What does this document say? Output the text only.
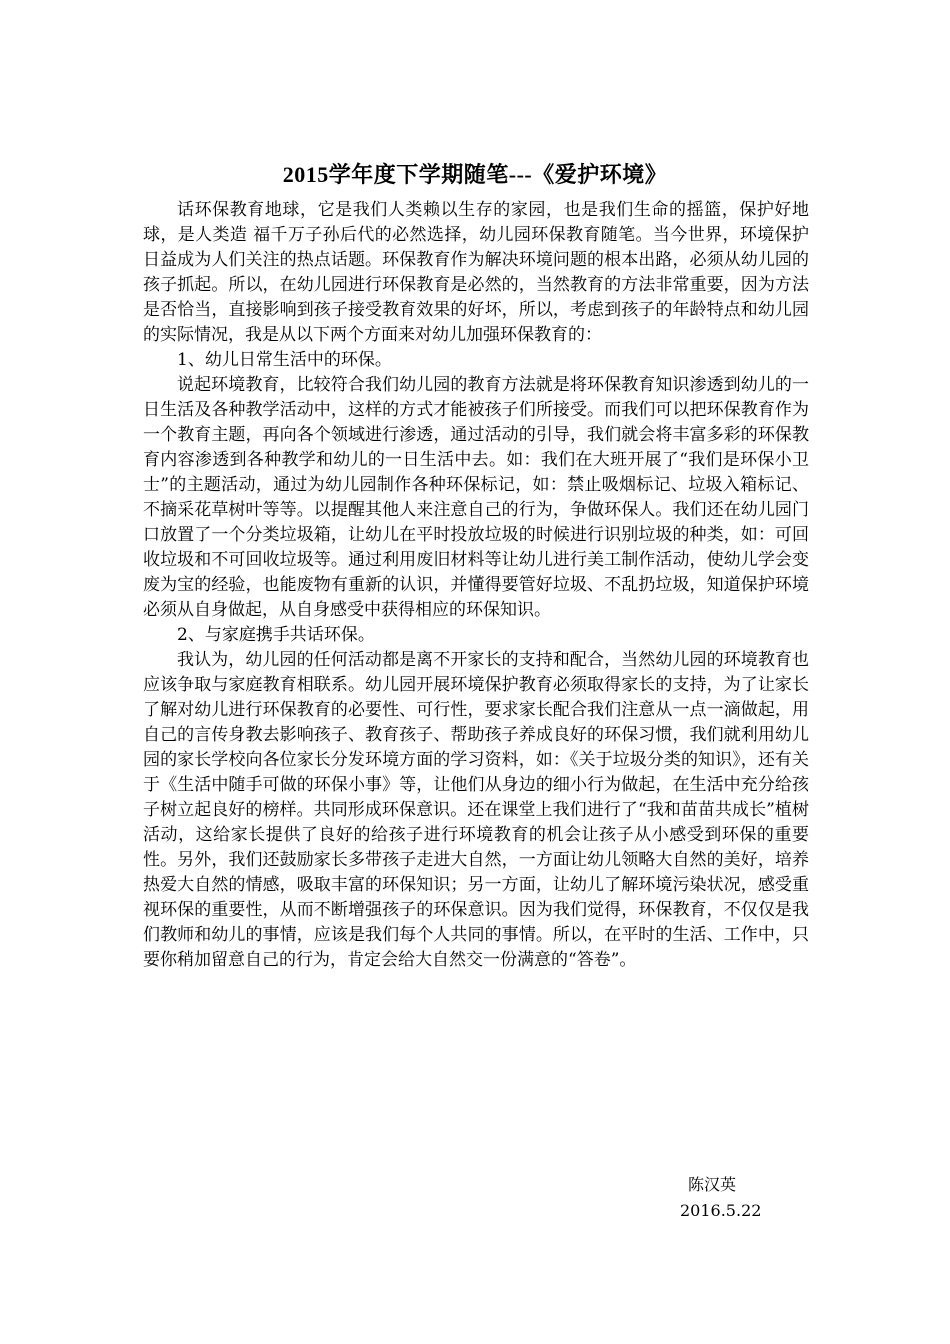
2015学年度下学期随笔---《爱护环境》

话环保教育地球，它是我们人类赖以生存的家园，也是我们生命的摇篮，保护好地球，是人类造 福千万子孙后代的必然选择，幼儿园环保教育随笔。当今世界，环境保护日益成为人们关注的热点话题。环保教育作为解决环境问题的根本出路，必须从幼儿园的孩子抓起。所以，在幼儿园进行环保教育是必然的，当然教育的方法非常重要，因为方法是否恰当，直接影响到孩子接受教育效果的好坏，所以，考虑到孩子的年龄特点和幼儿园的实际情况，我是从以下两个方面来对幼儿加强环保教育的：

1、幼儿日常生活中的环保。

说起环境教育，比较符合我们幼儿园的教育方法就是将环保教育知识渗透到幼儿的一日生活及各种教学活动中，这样的方式才能被孩子们所接受。而我们可以把环保教育作为一个教育主题，再向各个领域进行渗透，通过活动的引导，我们就会将丰富多彩的环保教育内容渗透到各种教学和幼儿的一日生活中去。如：我们在大班开展了“我们是环保小卫士”的主题活动，通过为幼儿园制作各种环保标记，如：禁止吸烟标记、垃圾入箱标记、不摘采花草树叶等等。以提醒其他人来注意自己的行为，争做环保人。我们还在幼儿园门口放置了一个分类垃圾箱，让幼儿在平时投放垃圾的时候进行识别垃圾的种类，如：可回收垃圾和不可回收垃圾等。通过利用废旧材料等让幼儿进行美工制作活动，使幼儿学会变废为宝的经验，也能废物有重新的认识，并懂得要管好垃圾、不乱扔垃圾，知道保护环境必须从自身做起，从自身感受中获得相应的环保知识。

2、与家庭携手共话环保。

我认为，幼儿园的任何活动都是离不开家长的支持和配合，当然幼儿园的环境教育也应该争取与家庭教育相联系。幼儿园开展环境保护教育必须取得家长的支持，为了让家长了解对幼儿进行环保教育的必要性、可行性，要求家长配合我们注意从一点一滴做起，用自己的言传身教去影响孩子、教育孩子、帮助孩子养成良好的环保习惯，我们就利用幼儿园的家长学校向各位家长分发环境方面的学习资料，如：《关于垃圾分类的知识》，还有关于《生活中随手可做的环保小事》等，让他们从身边的细小行为做起，在生活中充分给孩子树立起良好的榜样。共同形成环保意识。还在课堂上我们进行了“我和苗苗共成长”植树活动，这给家长提供了良好的给孩子进行环境教育的机会让孩子从小感受到环保的重要性。另外，我们还鼓励家长多带孩子走进大自然，一方面让幼儿领略大自然的美好，培养热爱大自然的情感，吸取丰富的环保知识；另一方面，让幼儿了解环境污染状况，感受重视环保的重要性，从而不断增强孩子的环保意识。因为我们觉得，环保教育，不仅仅是我们教师和幼儿的事情，应该是我们每个人共同的事情。所以，在平时的生活、工作中，只要你稍加留意自己的行为，肯定会给大自然交一份满意的“答卷”。

陈汉英
2016.5.22
